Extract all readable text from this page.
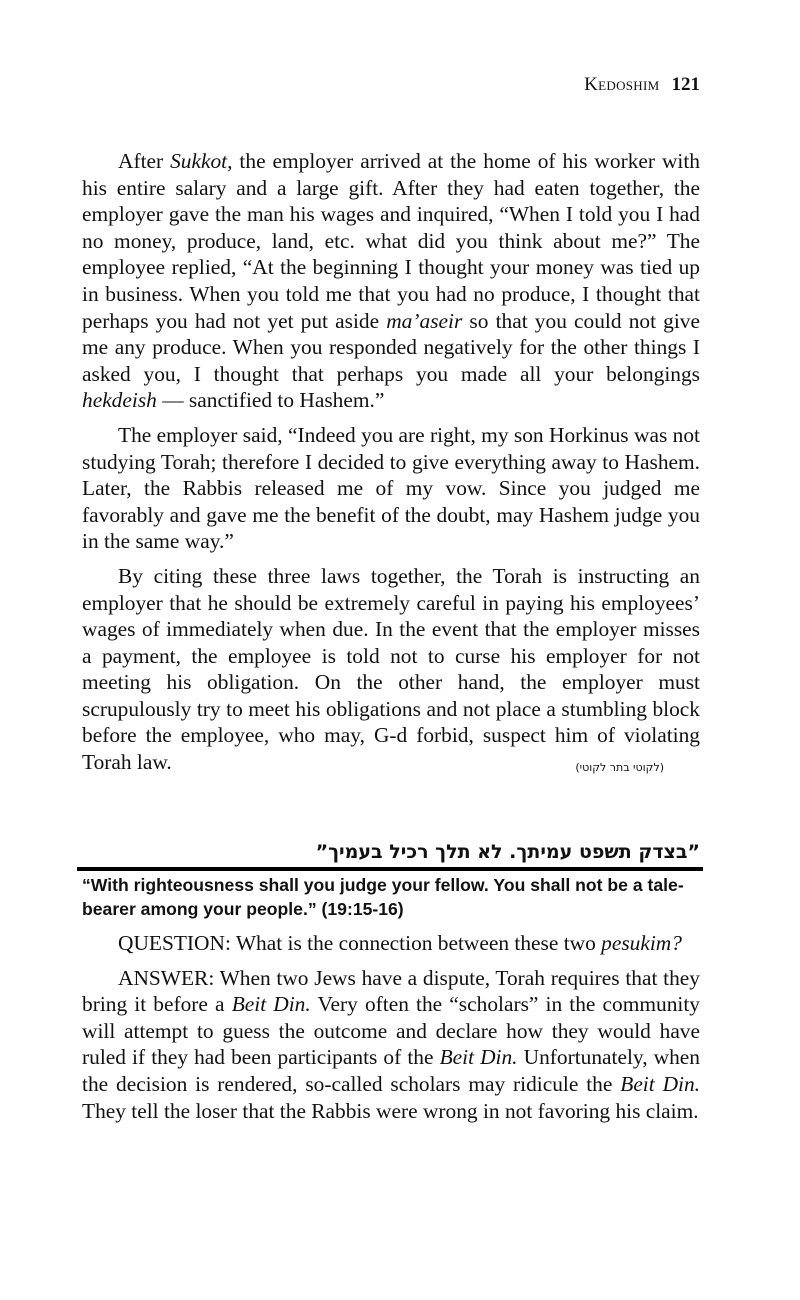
Kedoshim 121

After Sukkot, the employer arrived at the home of his worker with his entire salary and a large gift. After they had eaten together, the employer gave the man his wages and inquired, “When I told you I had no money, produce, land, etc. what did you think about me?” The employee replied, “At the beginning I thought your money was tied up in business. When you told me that you had no produce, I thought that perhaps you had not yet put aside ma’aseir so that you could not give me any produce. When you responded negatively for the other things I asked you, I thought that perhaps you made all your belongings hekdeish — sanctified to Hashem.”

The employer said, “Indeed you are right, my son Horkinus was not studying Torah; therefore I decided to give everything away to Hashem. Later, the Rabbis released me of my vow. Since you judged me favorably and gave me the benefit of the doubt, may Hashem judge you in the same way.”

By citing these three laws together, the Torah is instructing an employer that he should be extremely careful in paying his employees’ wages of immediately when due. In the event that the employer misses a payment, the employee is told not to curse his employer for not meeting his obligation. On the other hand, the employer must scrupulously try to meet his obligations and not place a stumbling block before the employee, who may, G-d forbid, suspect him of violating Torah law.	(לקוטי בתר לקוטי)

”בצדק תשפט עמיתך. לא תלך רכיל בעמיך”
“With righteousness shall you judge your fellow. You shall not be a tale-bearer among your people.” (19:15-16)

QUESTION: What is the connection between these two pesukim?

ANSWER: When two Jews have a dispute, Torah requires that they bring it before a Beit Din. Very often the “scholars” in the community will attempt to guess the outcome and declare how they would have ruled if they had been participants of the Beit Din. Unfortunately, when the decision is rendered, so-called scholars may ridicule the Beit Din. They tell the loser that the Rabbis were wrong in not favoring his claim.
